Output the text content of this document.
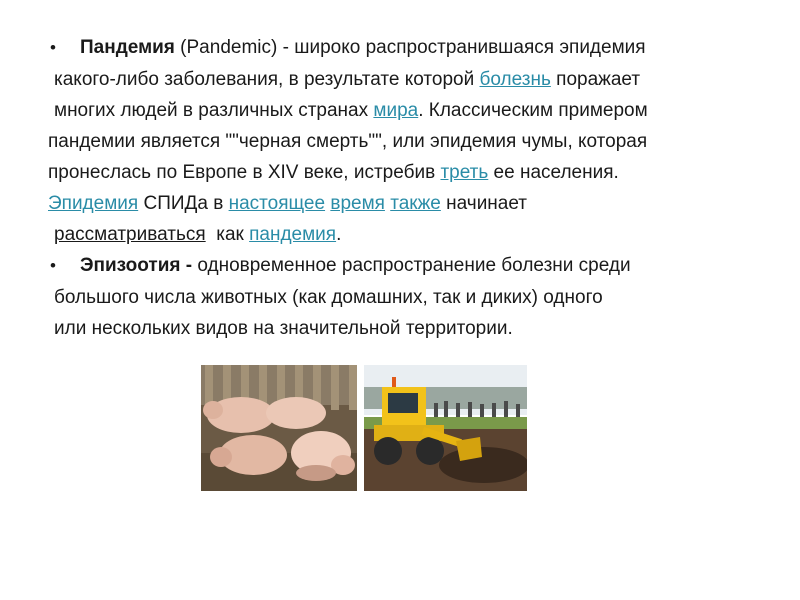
• Пандемия (Pandemic) - широко распространившаяся эпидемия
какого-либо заболевания, в результате которой болезнь поражает
многих людей в различных странах мира. Классическим примером
пандемии является ""черная смерть"", или эпидемия чумы, которая
пронеслась по Европе в XIV веке, истребив треть ее населения.
Эпидемия СПИДа в настоящее время также начинает
рассматриваться  как пандемия.
• Эпизоотия - одновременное распространение болезни среди
большого числа животных (как домашних, так и диких) одного
или нескольких видов на значительной территории.
